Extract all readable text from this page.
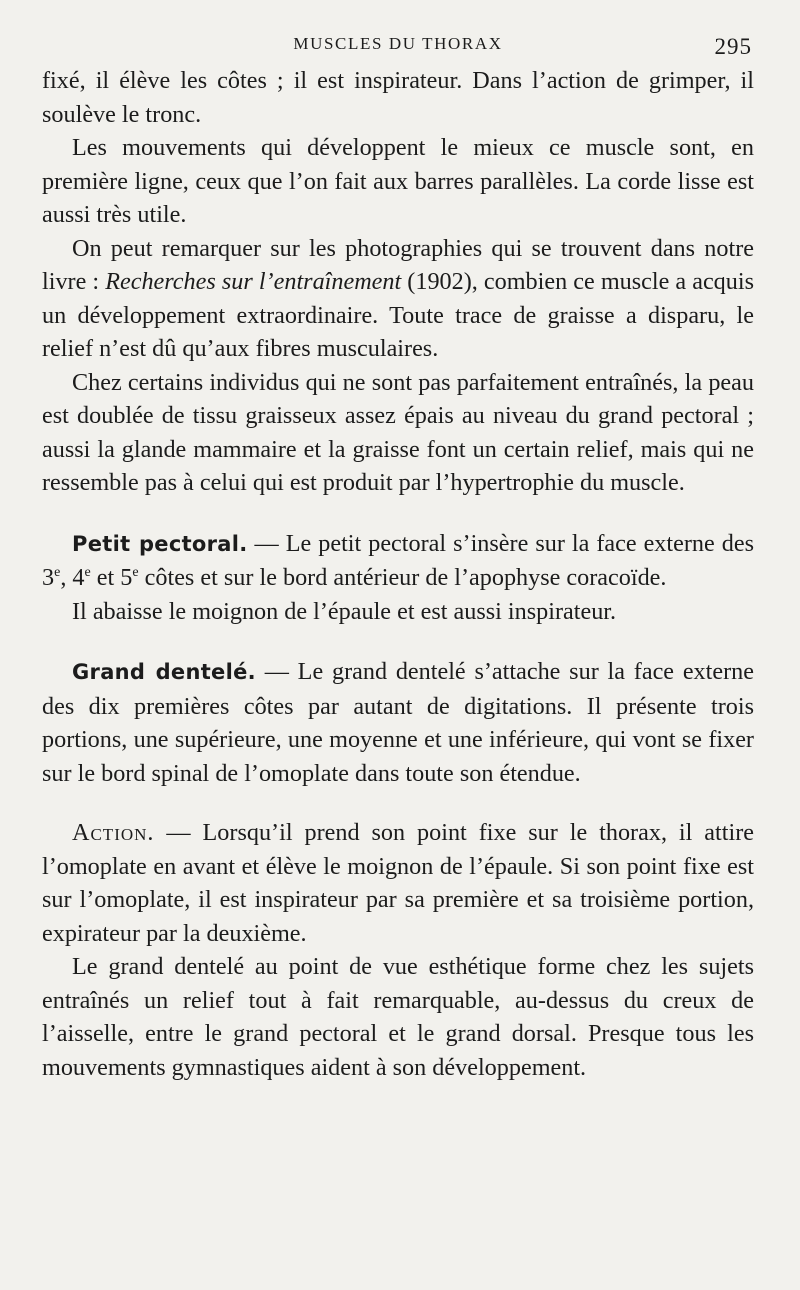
MUSCLES DU THORAX	295

fixé, il élève les côtes ; il est inspirateur. Dans l’action de grimper, il soulève le tronc.

Les mouvements qui développent le mieux ce muscle sont, en première ligne, ceux que l’on fait aux barres parallèles. La corde lisse est aussi très utile.

On peut remarquer sur les photographies qui se trouvent dans notre livre : Recherches sur l’entraînement (1902), combien ce muscle a acquis un développement extraordinaire. Toute trace de graisse a disparu, le relief n’est dû qu’aux fibres musculaires.

Chez certains individus qui ne sont pas parfaitement entraînés, la peau est doublée de tissu graisseux assez épais au niveau du grand pectoral ; aussi la glande mammaire et la graisse font un certain relief, mais qui ne ressemble pas à celui qui est produit par l’hypertrophie du muscle.

Petit pectoral. — Le petit pectoral s’insère sur la face externe des 3e, 4e et 5e côtes et sur le bord antérieur de l’apophyse coracoïde.

Il abaisse le moignon de l’épaule et est aussi inspirateur.

Grand dentelé. — Le grand dentelé s’attache sur la face externe des dix premières côtes par autant de digitations. Il présente trois portions, une supérieure, une moyenne et une inférieure, qui vont se fixer sur le bord spinal de l’omoplate dans toute son étendue.

Action. — Lorsqu’il prend son point fixe sur le thorax, il attire l’omoplate en avant et élève le moignon de l’épaule. Si son point fixe est sur l’omoplate, il est inspirateur par sa première et sa troisième portion, expirateur par la deuxième.

Le grand dentelé au point de vue esthétique forme chez les sujets entraînés un relief tout à fait remarquable, au-dessus du creux de l’aisselle, entre le grand pectoral et le grand dorsal. Presque tous les mouvements gymnastiques aident à son développement.
